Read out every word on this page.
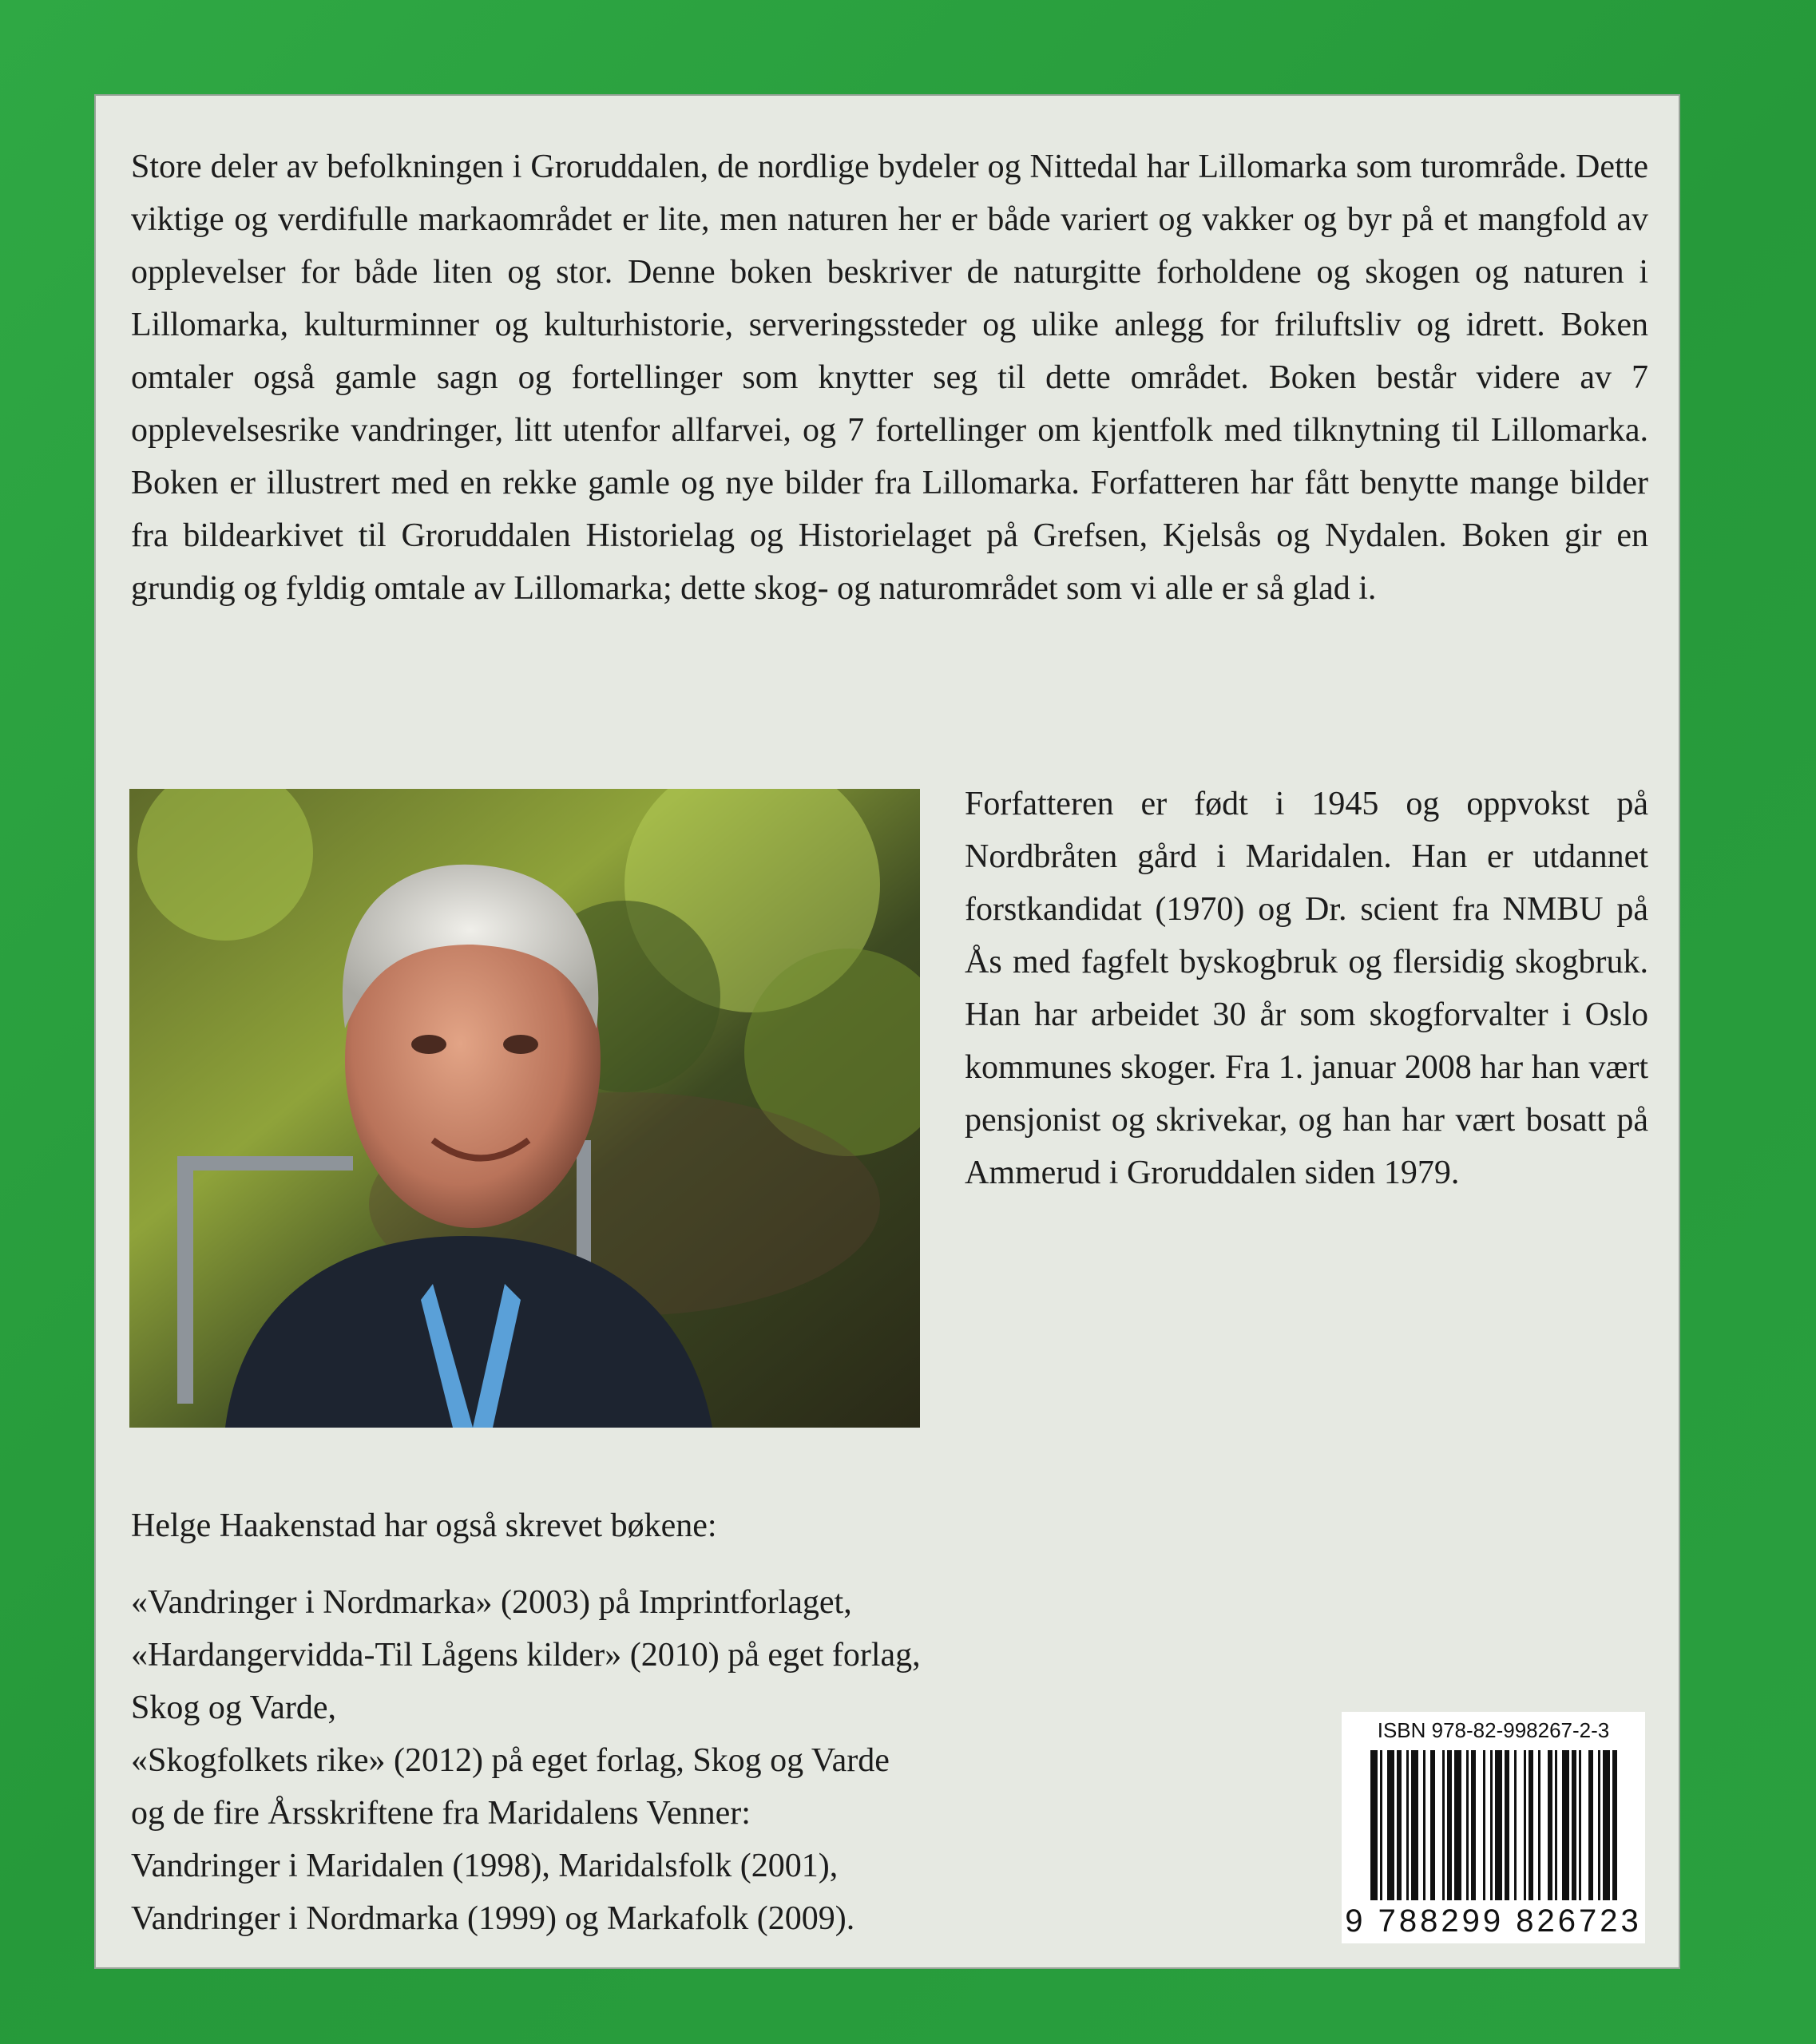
Store deler av befolkningen i Groruddalen, de nordlige bydeler og Nittedal har Lillomarka som turområde. Dette viktige og verdifulle markaområdet er lite, men naturen her er både variert og vakker og byr på et mangfold av opplevelser for både liten og stor. Denne boken beskriver de naturgitte forholdene og skogen og naturen i Lillomarka, kulturminner og kulturhistorie, serveringssteder og ulike anlegg for friluftsliv og idrett. Boken omtaler også gamle sagn og fortellinger som knytter seg til dette området. Boken består videre av 7 opplevelsesrike vandringer, litt utenfor allfarvei, og 7 fortellinger om kjentfolk med tilknytning til Lillomarka. Boken er illustrert med en rekke gamle og nye bilder fra Lillomarka. Forfatteren har fått benytte mange bilder fra bildearkivet til Groruddalen Historielag og Historielaget på Grefsen, Kjelsås og Nydalen. Boken gir en grundig og fyldig omtale av Lillomarka; dette skog- og naturområdet som vi alle er så glad i.

Forfatteren er født i 1945 og oppvokst på Nordbråten gård i Maridalen. Han er utdannet forstkandidat (1970) og Dr. scient fra NMBU på Ås med fagfelt byskogbruk og flersidig skogbruk. Han har arbeidet 30 år som skogforvalter i Oslo kommunes skoger. Fra 1. januar 2008 har han vært pensjonist og skrivekar, og han har vært bosatt på Ammerud i Groruddalen siden 1979.

Helge Haakenstad har også skrevet bøkene:
«Vandringer i Nordmarka» (2003) på Imprintforlaget,
«Hardangervidda-Til Lågens kilder» (2010) på eget forlag,
Skog og Varde,
«Skogfolkets rike» (2012) på eget forlag, Skog og Varde
og de fire Årsskriftene fra Maridalens Venner:
Vandringer i Maridalen (1998), Maridalsfolk (2001),
Vandringer i Nordmarka (1999) og Markafolk (2009).
ISBN 978-82-998267-2-3
9 788299 826723
